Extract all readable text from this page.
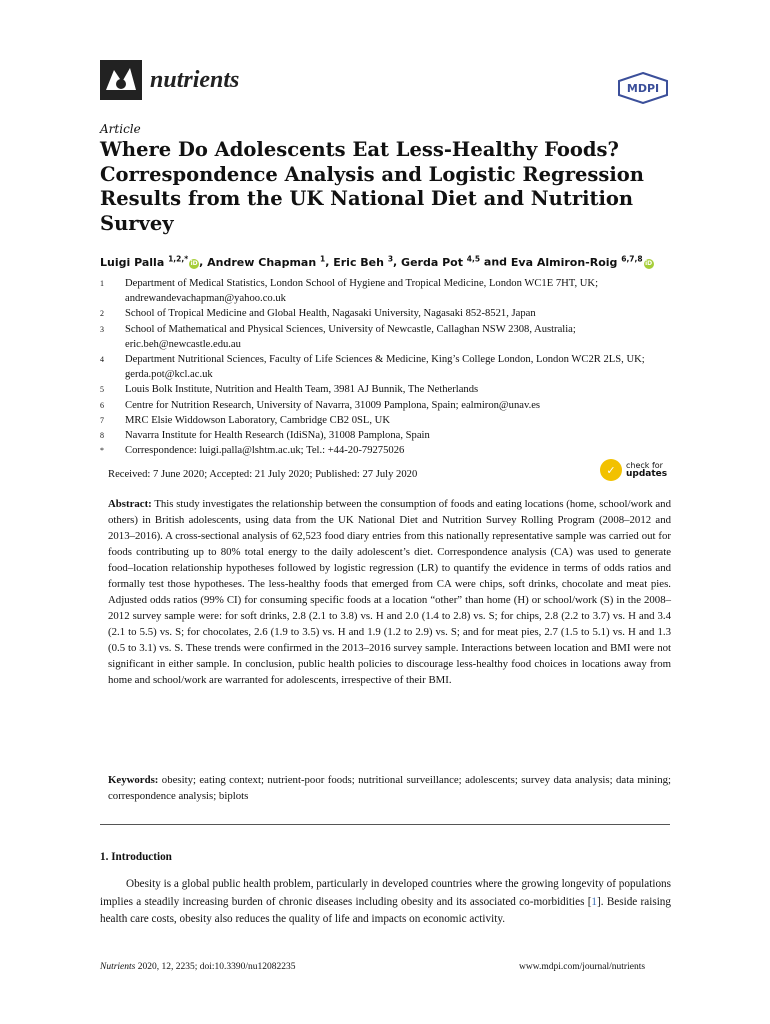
nutrients	MDPI
Article
Where Do Adolescents Eat Less-Healthy Foods? Correspondence Analysis and Logistic Regression Results from the UK National Diet and Nutrition Survey
Luigi Palla $^{1,2,*}$iD, Andrew Chapman $^1$, Eric Beh $^3$, Gerda Pot $^{4,5}$ and Eva Almiron-Roig $^{6,7,8}$iD
1	Department of Medical Statistics, London School of Hygiene and Tropical Medicine, London WC1E 7HT, UK; andrewandevachapman@yahoo.co.uk
2	School of Tropical Medicine and Global Health, Nagasaki University, Nagasaki 852-8521, Japan
3	School of Mathematical and Physical Sciences, University of Newcastle, Callaghan NSW 2308, Australia; eric.beh@newcastle.edu.au
4	Department Nutritional Sciences, Faculty of Life Sciences & Medicine, King’s College London, London WC2R 2LS, UK; gerda.pot@kcl.ac.uk
5	Louis Bolk Institute, Nutrition and Health Team, 3981 AJ Bunnik, The Netherlands
6	Centre for Nutrition Research, University of Navarra, 31009 Pamplona, Spain; ealmiron@unav.es
7	MRC Elsie Widdowson Laboratory, Cambridge CB2 0SL, UK
8	Navarra Institute for Health Research (IdiSNa), 31008 Pamplona, Spain
*	Correspondence: luigi.palla@lshtm.ac.uk; Tel.: +44-20-79275026
Received: 7 June 2020; Accepted: 21 July 2020; Published: 27 July 2020	✓	check for
updates
Abstract: This study investigates the relationship between the consumption of foods and eating locations (home, school/work and others) in British adolescents, using data from the UK National Diet and Nutrition Survey Rolling Program (2008–2012 and 2013–2016). A cross-sectional analysis of 62,523 food diary entries from this nationally representative sample was carried out for foods contributing up to 80% total energy to the daily adolescent’s diet. Correspondence analysis (CA) was used to generate food–location relationship hypotheses followed by logistic regression (LR) to quantify the evidence in terms of odds ratios and formally test those hypotheses. The less-healthy foods that emerged from CA were chips, soft drinks, chocolate and meat pies. Adjusted odds ratios (99% CI) for consuming specific foods at a location “other” than home (H) or school/work (S) in the 2008–2012 survey sample were: for soft drinks, 2.8 (2.1 to 3.8) vs. H and 2.0 (1.4 to 2.8) vs. S; for chips, 2.8 (2.2 to 3.7) vs. H and 3.4 (2.1 to 5.5) vs. S; for chocolates, 2.6 (1.9 to 3.5) vs. H and 1.9 (1.2 to 2.9) vs. S; and for meat pies, 2.7 (1.5 to 5.1) vs. H and 1.3 (0.5 to 3.1) vs. S. These trends were confirmed in the 2013–2016 survey sample. Interactions between location and BMI were not significant in either sample. In conclusion, public health policies to discourage less-healthy food choices in locations away from home and school/work are warranted for adolescents, irrespective of their BMI.
Keywords: obesity; eating context; nutrient-poor foods; nutritional surveillance; adolescents; survey data analysis; data mining; correspondence analysis; biplots
1. Introduction
Obesity is a global public health problem, particularly in developed countries where the growing longevity of populations implies a steadily increasing burden of chronic diseases including obesity and its associated co-morbidities [1]. Beside raising health care costs, obesity also reduces the quality of life and impacts on economic activity.
Nutrients 2020, 12, 2235; doi:10.3390/nu12082235	www.mdpi.com/journal/nutrients
